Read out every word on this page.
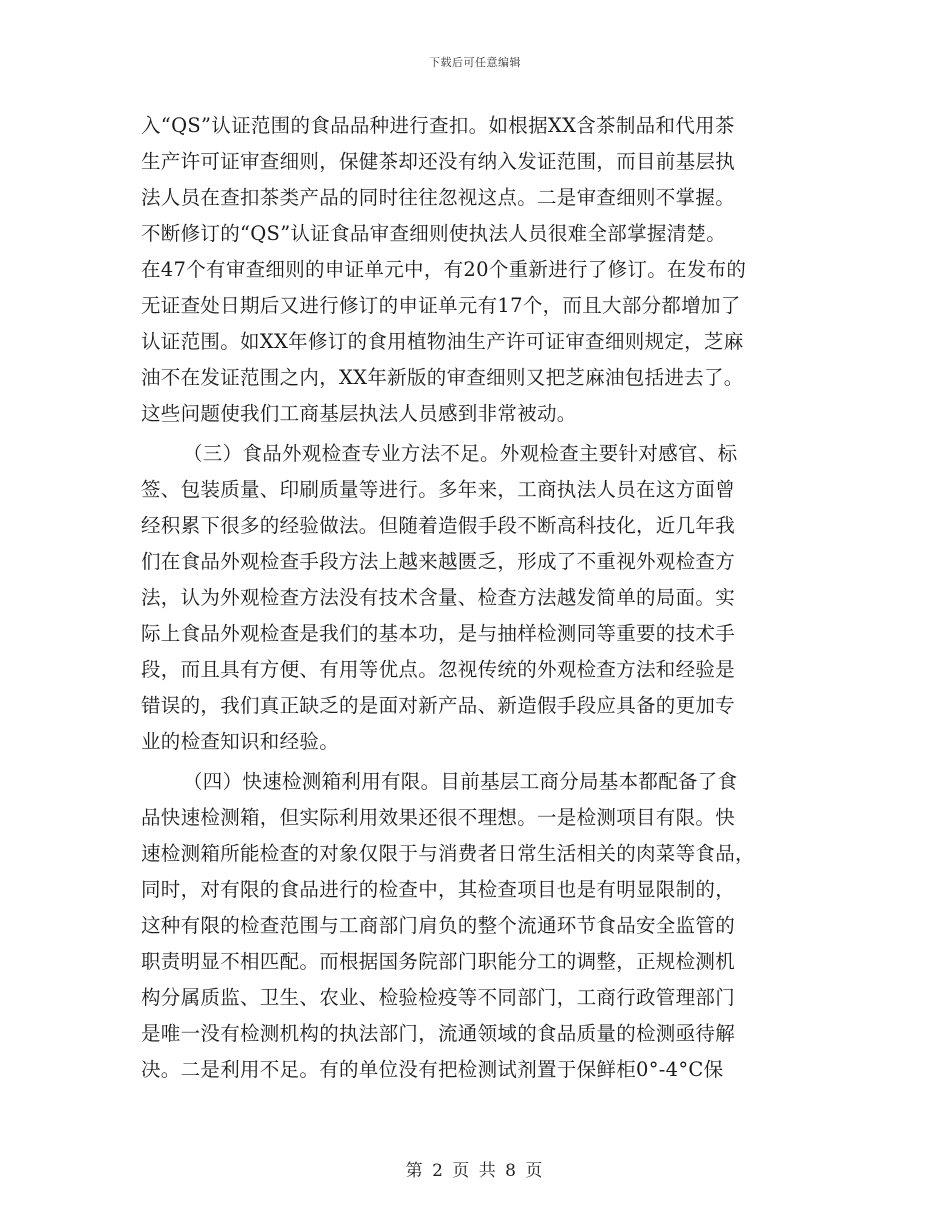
下载后可任意编辑
入“QS”认证范围的食品品种进行查扣。如根据XX含茶制品和代用茶
生产许可证审查细则，保健茶却还没有纳入发证范围，而目前基层执
法人员在查扣茶类产品的同时往往忽视这点。二是审查细则不掌握。
不断修订的“QS”认证食品审查细则使执法人员很难全部掌握清楚。
在47个有审查细则的申证单元中，有20个重新进行了修订。在发布的
无证查处日期后又进行修订的申证单元有17个，而且大部分都增加了
认证范围。如XX年修订的食用植物油生产许可证审查细则规定，芝麻
油不在发证范围之内，XX年新版的审查细则又把芝麻油包括进去了。
这些问题使我们工商基层执法人员感到非常被动。
（三）食品外观检查专业方法不足。外观检查主要针对感官、标
签、包装质量、印刷质量等进行。多年来，工商执法人员在这方面曾
经积累下很多的经验做法。但随着造假手段不断高科技化，近几年我
们在食品外观检查手段方法上越来越匮乏，形成了不重视外观检查方
法，认为外观检查方法没有技术含量、检查方法越发简单的局面。实
际上食品外观检查是我们的基本功，是与抽样检测同等重要的技术手
段，而且具有方便、有用等优点。忽视传统的外观检查方法和经验是
错误的，我们真正缺乏的是面对新产品、新造假手段应具备的更加专
业的检查知识和经验。
（四）快速检测箱利用有限。目前基层工商分局基本都配备了食
品快速检测箱，但实际利用效果还很不理想。一是检测项目有限。快
速检测箱所能检查的对象仅限于与消费者日常生活相关的肉菜等食品，
同时，对有限的食品进行的检查中，其检查项目也是有明显限制的，
这种有限的检查范围与工商部门肩负的整个流通环节食品安全监管的
职责明显不相匹配。而根据国务院部门职能分工的调整，正规检测机
构分属质监、卫生、农业、检验检疫等不同部门，工商行政管理部门
是唯一没有检测机构的执法部门，流通领域的食品质量的检测亟待解
决。二是利用不足。有的单位没有把检测试剂置于保鲜柜0°-4°C保
第 2 页 共 8 页
